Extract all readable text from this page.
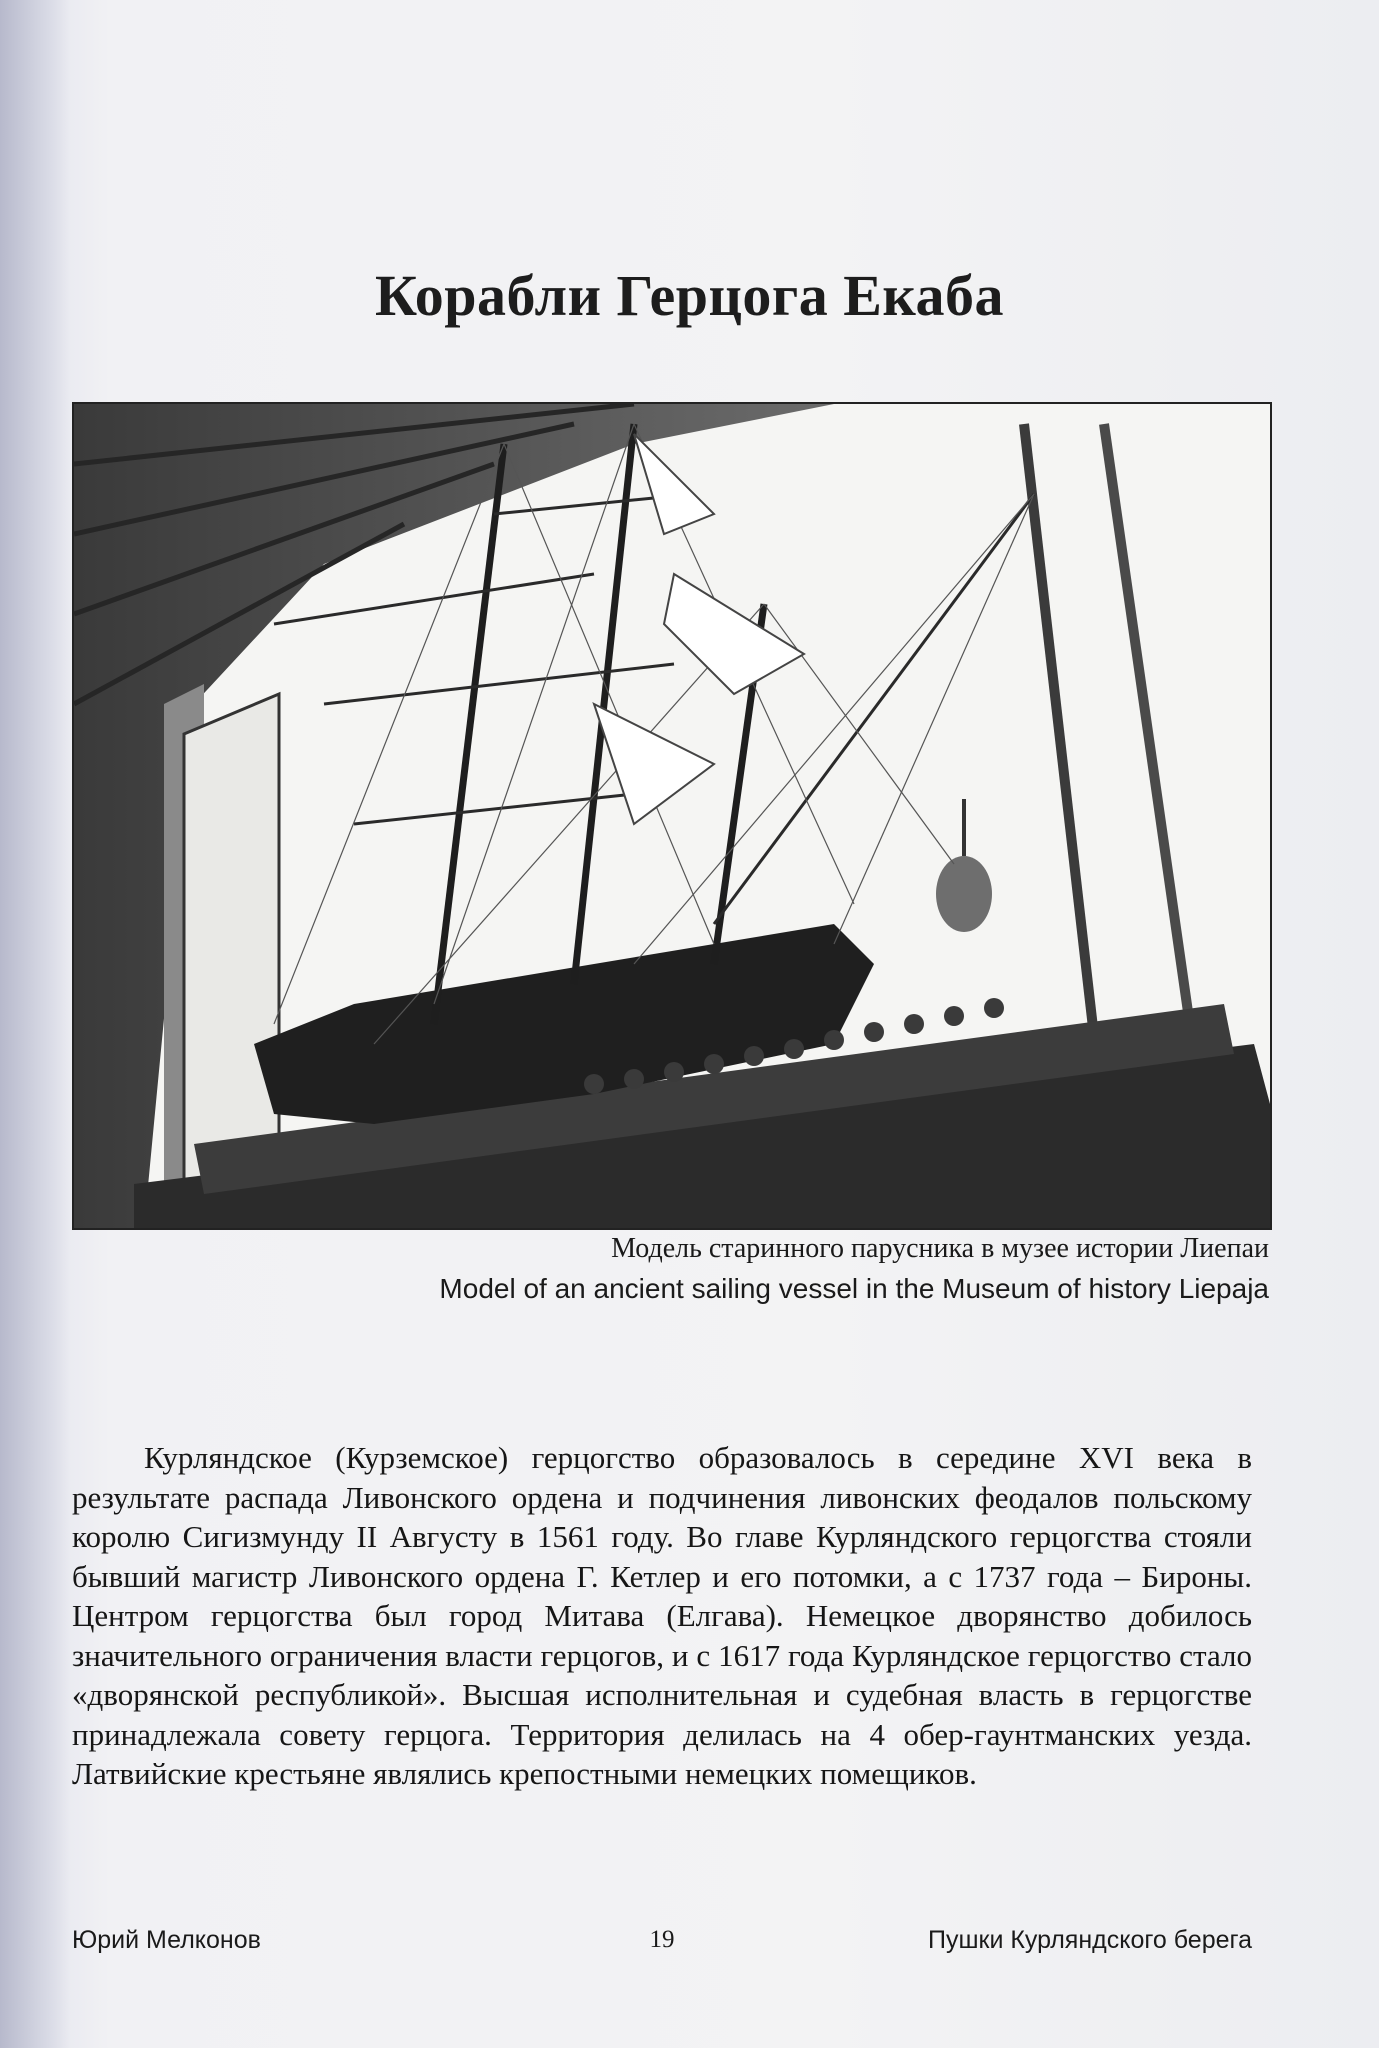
Корабли Герцога Екаба
Модель старинного парусника в музее истории Лиепаи
Model of an ancient sailing vessel in the Museum of history Liepaja

Курляндское (Курземское) герцогство образовалось в середине XVI века в результате распада Ливонского ордена и подчинения ливонских феодалов польскому королю Сигизмунду II Августу в 1561 году. Во главе Курляндского герцогства стояли бывший магистр Ливонского ордена Г. Кетлер и его потомки, а с 1737 года – Бироны. Центром герцогства был город Митава (Елгава). Немецкое дворянство добилось значительного ограничения власти герцогов, и с 1617 года Курляндское герцогство стало «дворянской республикой». Высшая исполнительная и судебная власть в герцогстве принадлежала совету герцога. Территория делилась на 4 обер-гаунтманских уезда. Латвийские крестьяне являлись крепостными немецких помещиков.

Юрий Мелконов	19	Пушки Курляндского берега
